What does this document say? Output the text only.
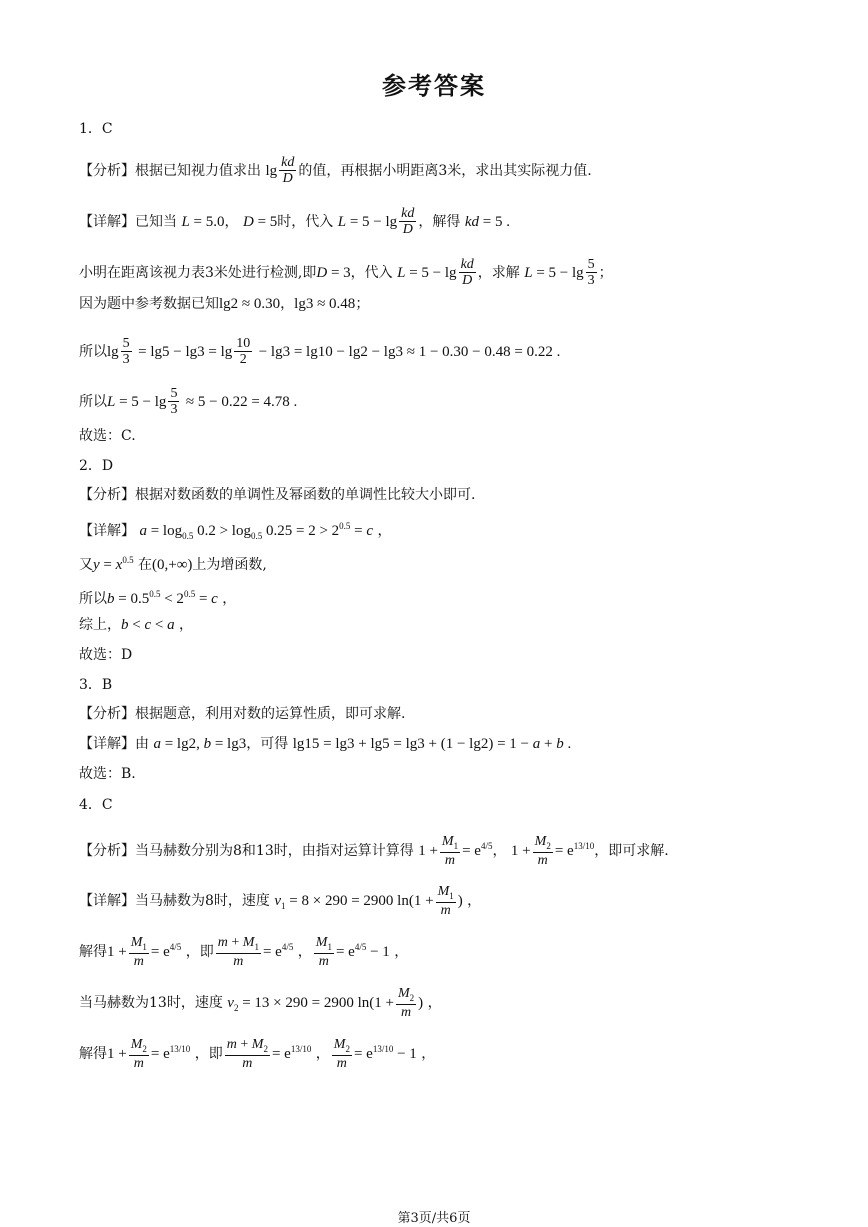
参考答案
1．C
【分析】根据已知视力值求出 $\lg \frac{kd}{D}$ 的值，再根据小明距离3米，求出其实际视力值.
【详解】已知当 L = 5.0， D = 5时，代入 $L = 5 - \lg \frac{kd}{D}$ ，解得 kd = 5 .
小明在距离该视力表3米处进行检测,即D = 3，代入 $L = 5 - \lg \frac{kd}{D}$ ，求解 $L = 5 - \lg \frac{5}{3}$ ；
因为题中参考数据已知lg2 ≈ 0.30，lg3 ≈ 0.48；
所以$\lg \frac{5}{3} = \lg 5 - \lg 3 = \lg \frac{10}{2} - \lg 3 = \lg 10 - \lg 2 - \lg 3 \approx 1 - 0.30 - 0.48 = 0.22$ .
所以$L = 5 - \lg \frac{5}{3} \approx 5 - 0.22 = 4.78$ .
故选：C.
2．D
【分析】根据对数函数的单调性及幂函数的单调性比较大小即可.
【详解】 $a = \log_{0.5} 0.2 > \log_{0.5} 0.25 = 2 > 2^{0.5} = c$ ，
又$y = x^{0.5}$ 在(0,+∞)上为增函数,
所以$b = 0.5^{0.5} < 2^{0.5} = c$ ，
综上，b < c < a ，
故选：D
3．B
【分析】根据题意，利用对数的运算性质，即可求解.
【详解】由 a = lg2, b = lg3，可得 lg15 = lg3 + lg5 = lg3 + (1 − lg2) = 1 − a + b .
故选：B.
4．C
【分析】当马赫数分别为8和13时，由指对运算计算得 $1 + \frac{M_1}{m} = e^{4/5}$， $1 + \frac{M_2}{m} = e^{13/10}$，即可求解.
【详解】当马赫数为8时，速度 $v_1 = 8 \times 290 = 2900$ $\ln(1 + \frac{M_1}{m}$ ) ，
解得$1 + \frac{M_1}{m} = e^{4/5}$ ，即 $\frac{m + M_1}{m} = e^{4/5}$ ， $\frac{M_1}{m} = e^{4/5} - 1$ ，
当马赫数为13时，速度 $v_2 = 13 \times 290 = 2900$ $\ln(1 + \frac{M_2}{m}$ ) ，
解得$1 + \frac{M_2}{m} = e^{13/10}$ ，即 $\frac{m + M_2}{m} = e^{13/10}$ ， $\frac{M_2}{m} = e^{13/10} - 1$ ，
第3页/共6页
